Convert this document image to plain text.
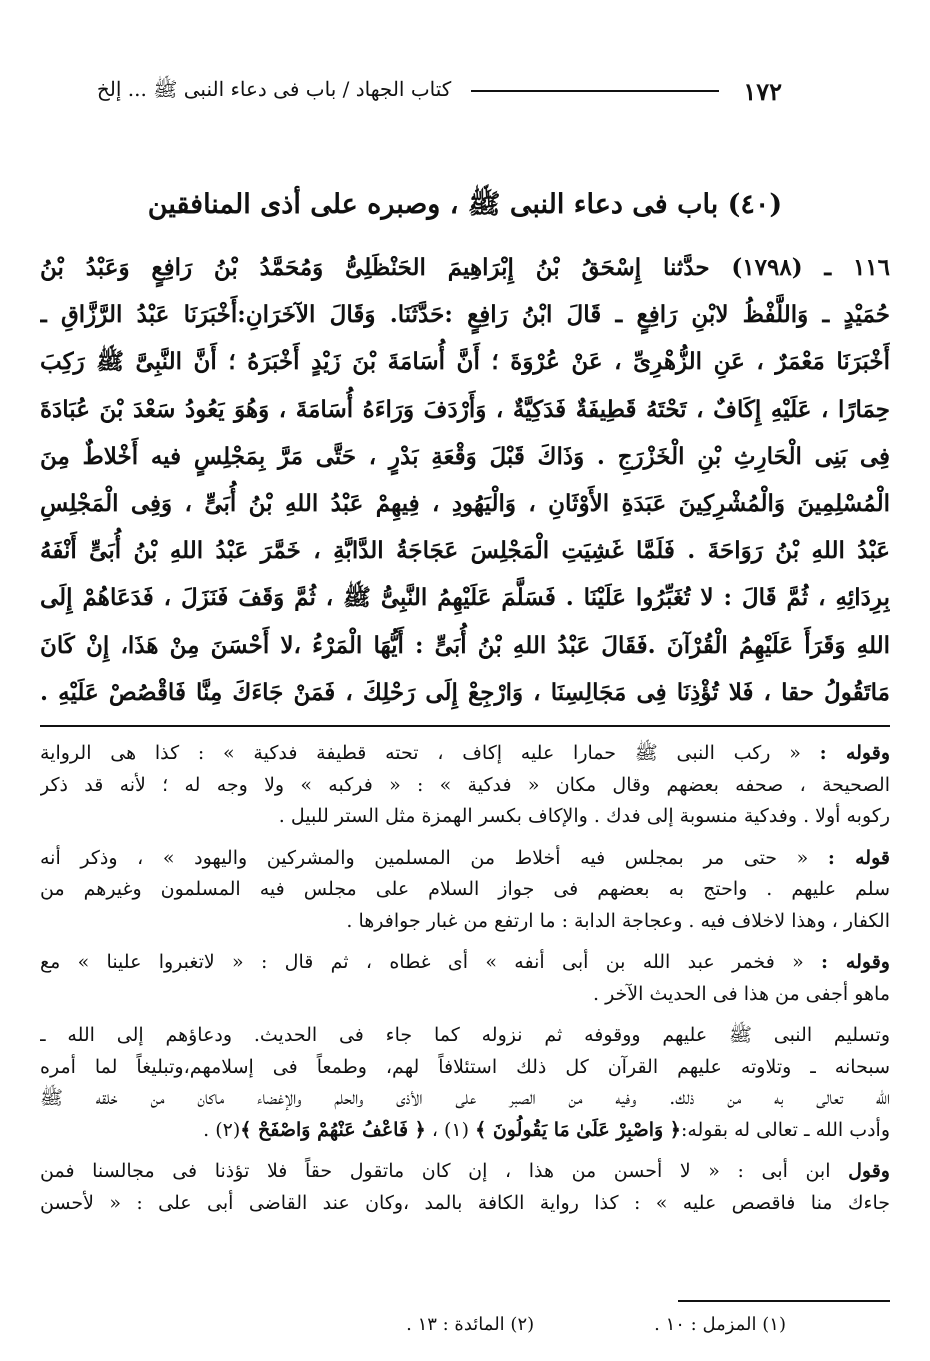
١٧٢
كتاب الجهاد / باب فى دعاء النبى ﷺ ... إلخ
(٤٠) باب فى دعاء النبى ﷺ ، وصبره على أذى المنافقين
١١٦ ـ (١٧٩٨) حدَّثنا إِسْحَقُ بْنُ إِبْرَاهِيمَ الحَنْظَلِىُّ وَمُحَمَّدُ بْنُ رَافِعٍ وَعَبْدُ بْنُ
حُمَيْدٍ ـ وَاللَّفْظُ لابْنِ رَافِعٍ ـ قَالَ ابْنُ رَافِعٍ :حَدَّثَنَا. وَقَالَ الآخَرَانِ:أَخْبَرَنَا عَبْدُ الرَّزَّاقِ ـ
أَخْبَرَنَا مَعْمَرٌ ، عَنِ الزُّهْرِىِّ ، عَنْ عُرْوَةَ ؛ أَنَّ أُسَامَةَ بْنَ زَيْدٍ أَخْبَرَهُ ؛ أَنَّ النَّبِىَّ ﷺ رَكِبَ
حِمَارًا ، عَلَيْهِ إِكَافٌ ، تَحْتَهُ قَطِيفَةٌ فَدَكِيَّةٌ ، وَأَرْدَفَ وَرَاءَهُ أُسَامَةَ ، وَهُوَ يَعُودُ سَعْدَ بْنَ عُبَادَةَ
فِى بَنِى الْحَارِثِ بْنِ الْخَزْرَجِ . وَذَاكَ قَبْلَ وَقْعَةِ بَدْرٍ ، حَتَّى مَرَّ بِمَجْلِسٍ فيه أَخْلاطٌ مِنَ
الْمُسْلِمِينَ وَالْمُشْرِكِينَ عَبَدَةِ الأَوْثَانِ ، وَالْيَهُودِ ، فِيهِمْ عَبْدُ اللهِ بْنُ أُبَىٍّ ، وَفِى الْمَجْلِسِ
عَبْدُ اللهِ بْنُ رَوَاحَةَ . فَلَمَّا غَشِيَتِ الْمَجْلِسَ عَجَاجَةُ الدَّابَّةِ ، خَمَّرَ عَبْدُ اللهِ بْنُ أُبَىٍّ أَنْفَهُ
بِرِدَائِهِ ، ثُمَّ قَالَ : لا تُغَبِّرُوا عَلَيْنَا . فَسَلَّمَ عَلَيْهِمُ النَّبِىُّ ﷺ ، ثُمَّ وَقَفَ فَنَزَلَ ، فَدَعَاهُمْ إِلَى
اللهِ وَقَرَأَ عَلَيْهِمُ الْقُرْآنَ .فَقَالَ عَبْدُ اللهِ بْنُ أُبَىٍّ : أَيُّهَا الْمَرْءُ ،لا أَحْسَنَ مِنْ هَذَا، إِنْ كَانَ
مَاتَقُولُ حقا ، فَلا تُؤْذِنَا فِى مَجَالِسِنَا ، وَارْجِعْ إِلَى رَحْلِكَ ، فَمَنْ جَاءَكَ مِنَّا فَاقْصُصْ عَلَيْهِ .
وقوله : « ركب النبى ﷺ حمارا عليه إكاف ، تحته قطيفة فدكية » : كذا هى الرواية
الصحيحة ، صحفه بعضهم وقال مكان « فدكية » : « فركبه » ولا وجه له ؛ لأنه قد ذكر
ركوبه أولا . وفدكية منسوبة إلى فدك . والإكاف بكسر الهمزة مثل الستر للبيل .
قوله : « حتى مر بمجلس فيه أخلاط من المسلمين والمشركين واليهود » ، وذكر أنه
سلم عليهم . واحتج به بعضهم فى جواز السلام على مجلس فيه المسلمون وغيرهم من
الكفار ، وهذا لاخلاف فيه . وعجاجة الدابة : ما ارتفع من غبار جوافرها .
وقوله : « فخمر عبد الله بن أبى أنفه » أى غطاه ، ثم قال : « لاتغبروا علينا » مع
ماهو أجفى من هذا فى الحديث الآخر .
وتسليم النبى ﷺ عليهم ووقوفه ثم نزوله كما جاء فى الحديث. ودعاؤهم إلى الله ـ
سبحانه ـ وتلاوته عليهم القرآن كل ذلك استئلافاً لهم، وطمعاً فى إسلامهم،وتبليغاً لما أمره
الله تعالى به من ذلك. وفيه من الصبر على الأذى والحلم والإغضاء ماكان من خلقه ﷺ
وأدب الله ـ تعالى له بقوله:﴿ وَاصْبِرْ عَلَىٰ مَا يَقُولُونَ ﴾ (١) ، ﴿ فَاعْفُ عَنْهُمْ وَاصْفَحْ ﴾(٢) .
وقول ابن أبى : « لا أحسن من هذا ، إن كان ماتقول حقاً فلا تؤذنا فى مجالسنا فمن
جاءك منا فاقصص عليه » : كذا رواية الكافة بالمد ،وكان عند القاضى أبى على : « لأحسن
(١) المزمل : ١٠ .
(٢) المائدة : ١٣ .
